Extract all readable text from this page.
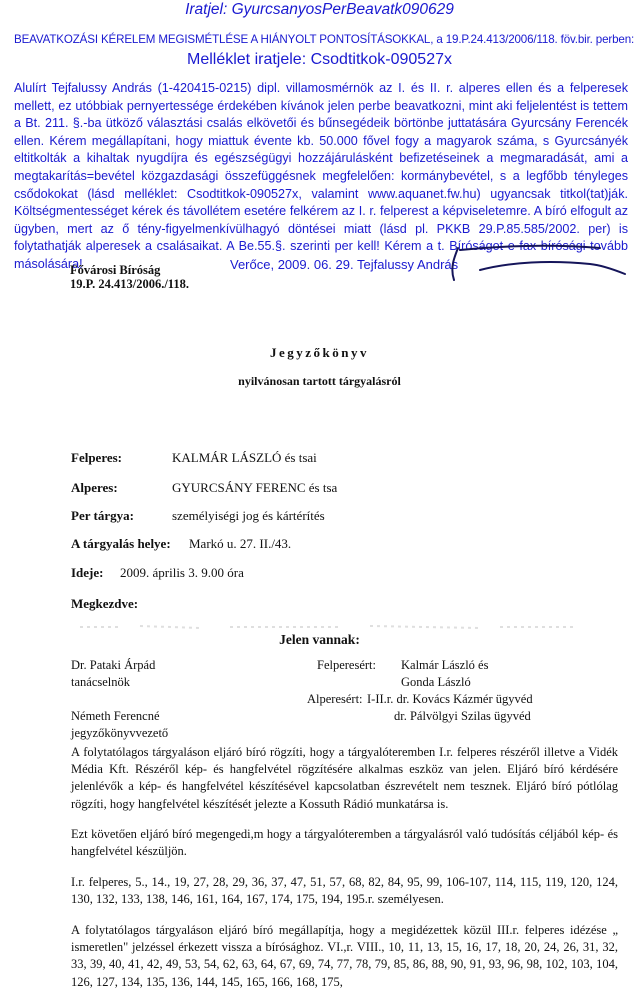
Iratjel: GyurcsanyosPerBeavatk090629
BEAVATKOZÁSI KÉRELEM MEGISMÉTLÉSE A HIÁNYOLT PONTOSÍTÁSOKKAL, a 19.P.24.413/2006/118. föv.bir. perben:
Melléklet iratjele: Csodtitkok-090527x
Alulírt Tejfalussy András (1-420415-0215) dipl. villamosmérnök az I. és II. r. alperes ellen és a felperesek mellett, ez utóbbiak pernyertessége érdekében kívánok jelen perbe beavatkozni, mint aki feljelentést is tettem a Bt. 211. §.-ba ütköző választási csalás elkövetői és bűnsegédeik börtönbe juttatására Gyurcsány Ferencék ellen. Kérem megállapítani, hogy miattuk évente kb. 50.000 fővel fogy a magyarok száma, s Gyurcsányék eltitkolták a kihaltak nyugdíjra és egészségügyi hozzájárulásként befizetéseinek a megmaradását, ami a megtakarítás=bevétel közgazdasági összefüggésnek megfelelően: kormánybevétel, s a legfőbb tényleges csődokokat (lásd melléklet: Csodtitkok-090527x, valamint www.aquanet.fw.hu) ugyancsak titkol(tat)ják. Költségmentességet kérek és távollétem esetére felkérem az I. r. felperest a képviseletemre. A bíró elfogult az ügyben, mert az ő tény-figyelmenkívülhagyó döntései miatt (lásd pl. PKKB 29.P.85.585/2002. per) is folytathatják alperesek a csalásaikat. A Be.55.§. szerinti per kell! Kérem a t. Bíróságot e fax bírósági tovább másolására!	Verőce, 2009. 06. 29. Tejfalussy András
Fővárosi Bíróság
19.P. 24.413/2006./118.
Jegyzőkönyv
nyilvánosan tartott tárgyalásról
Felperes:	KALMÁR LÁSZLÓ és tsai
Alperes:	GYURCSÁNY FERENC és tsa
Per tárgya:	személyiségi jog és kártérítés
A tárgyalás helye: Markó u. 27. II./43.
Ideje: 2009. április 3. 9.00 óra
Megkezdve:
Jelen vannak:
Dr. Pataki Árpád
tanácselnök
Németh Ferencné
jegyzőkönyvvezető
Felperesért: Kalmár László és
Gonda László
Alperesért: I-II.r. dr. Kovács Kázmér ügyvéd
dr. Pálvölgyi Szilas ügyvéd
A folytatólagos tárgyaláson eljáró bíró rögzíti, hogy a tárgyalóteremben I.r. felperes részéről illetve a Vidék Média Kft. Részéről kép- és hangfelvétel rögzítésére alkalmas eszköz van jelen. Eljáró bíró kérdésére jelenlévők a kép- és hangfelvétel készítésével kapcsolatban észrevételt nem tesznek. Eljáró bíró pótlólag rögzíti, hogy hangfelvétel készítését jelezte a Kossuth Rádió munkatársa is.
Ezt követően eljáró bíró megengedi,m hogy a tárgyalóteremben a tárgyalásról való tudósítás céljából kép- és hangfelvétel készüljön.
I.r. felperes, 5., 14., 19, 27, 28, 29, 36, 37, 47, 51, 57, 68, 82, 84, 95, 99, 106-107, 114, 115, 119, 120, 124, 130, 132, 133, 138, 146, 161, 164, 167, 174, 175, 194, 195.r. személyesen.
A folytatólagos tárgyaláson eljáró bíró megállapítja, hogy a megidézettek közül III.r. felperes idézése „ ismeretlen" jelzéssel érkezett vissza a bírósághoz. VI.,r. VIII., 10, 11, 13, 15, 16, 17, 18, 20, 24, 26, 31, 32, 33, 39, 40, 41, 42, 49, 53, 54, 62, 63, 64, 67, 69, 74, 77, 78, 79, 85, 86, 88, 90, 91, 93, 96, 98, 102, 103, 104, 126, 127, 134, 135, 136, 144, 145, 165, 166, 168, 175,
